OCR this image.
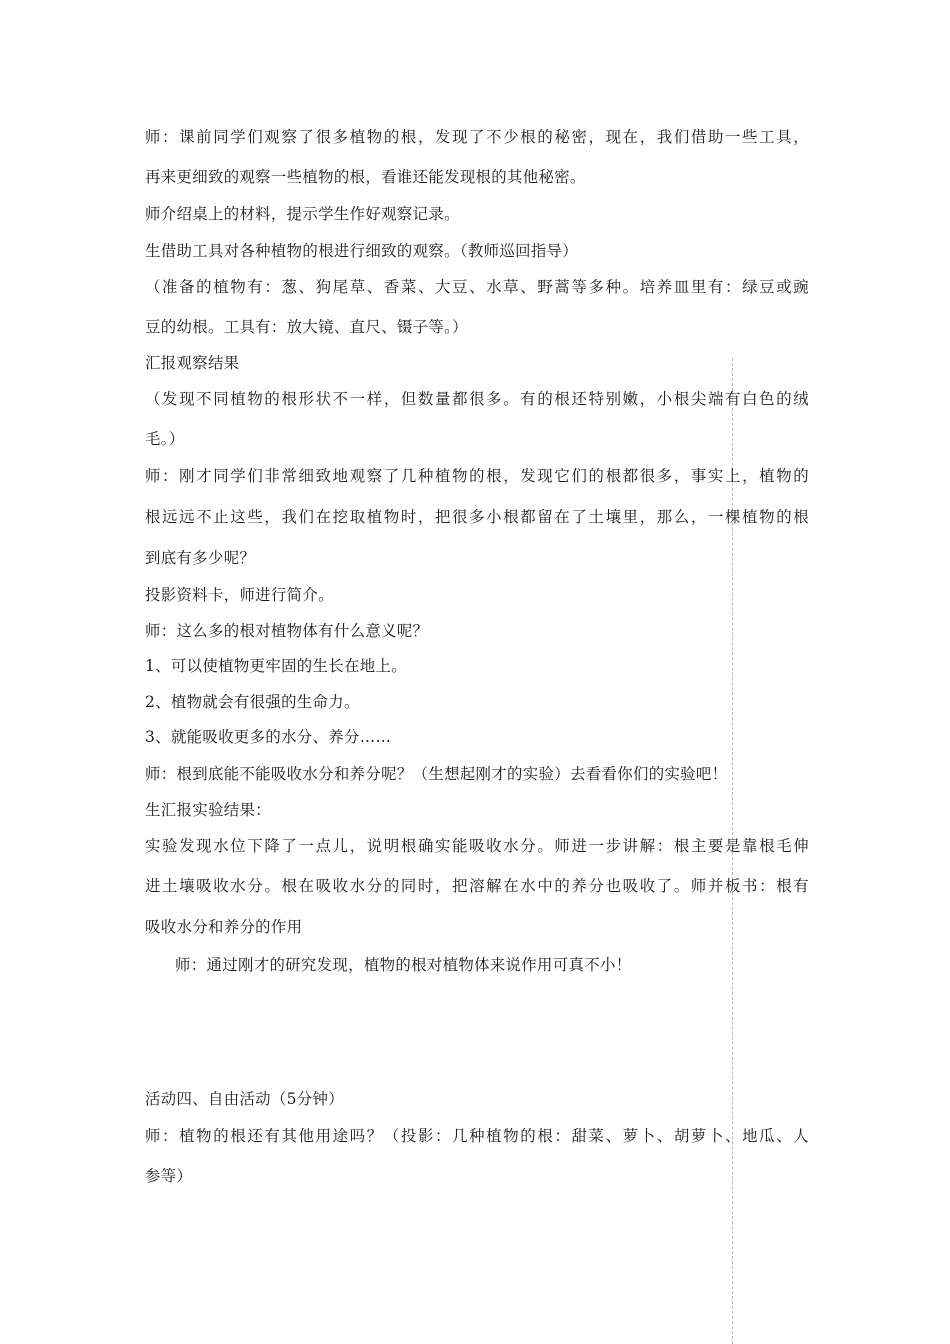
师：课前同学们观察了很多植物的根，发现了不少根的秘密，现在，我们借助一些工具，
再来更细致的观察一些植物的根，看谁还能发现根的其他秘密。
师介绍桌上的材料，提示学生作好观察记录。
生借助工具对各种植物的根进行细致的观察。（教师巡回指导）
（准备的植物有：葱、狗尾草、香菜、大豆、水草、野蒿等多种。培养皿里有：绿豆或豌
豆的幼根。工具有：放大镜、直尺、镊子等。）
汇报观察结果
（发现不同植物的根形状不一样，但数量都很多。有的根还特别嫩，小根尖端有白色的绒
毛。）
师：刚才同学们非常细致地观察了几种植物的根，发现它们的根都很多，事实上，植物的
根远远不止这些，我们在挖取植物时，把很多小根都留在了土壤里，那么，一棵植物的根
到底有多少呢？
投影资料卡，师进行简介。
师：这么多的根对植物体有什么意义呢？
1、可以使植物更牢固的生长在地上。
2、植物就会有很强的生命力。
3、就能吸收更多的水分、养分……
师：根到底能不能吸收水分和养分呢？（生想起刚才的实验）去看看你们的实验吧！
生汇报实验结果：
实验发现水位下降了一点儿，说明根确实能吸收水分。师进一步讲解：根主要是靠根毛伸
进土壤吸收水分。根在吸收水分的同时，把溶解在水中的养分也吸收了。师并板书：根有
吸收水分和养分的作用
师：通过刚才的研究发现，植物的根对植物体来说作用可真不小！
活动四、自由活动（5分钟）
师：植物的根还有其他用途吗？（投影：几种植物的根：甜菜、萝卜、胡萝卜、地瓜、人
参等）
